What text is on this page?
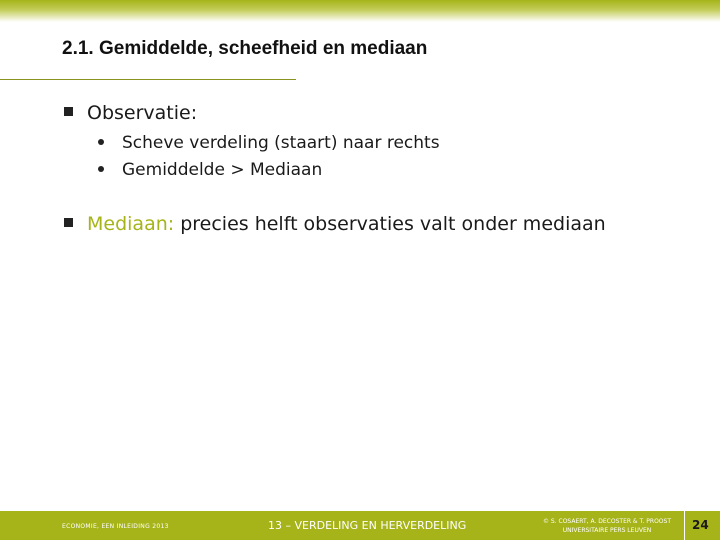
2.1. Gemiddelde, scheefheid en mediaan
Observatie:
Scheve verdeling (staart) naar rechts
Gemiddelde > Mediaan
Mediaan: precies helft observaties valt onder mediaan
ECONOMIE, EEN INLEIDING 2013	13 – VERDELING EN HERVERDELING	© S. COSAERT, A. DECOSTER & T. PROOST
UNIVERSITAIRE PERS LEUVEN	24
